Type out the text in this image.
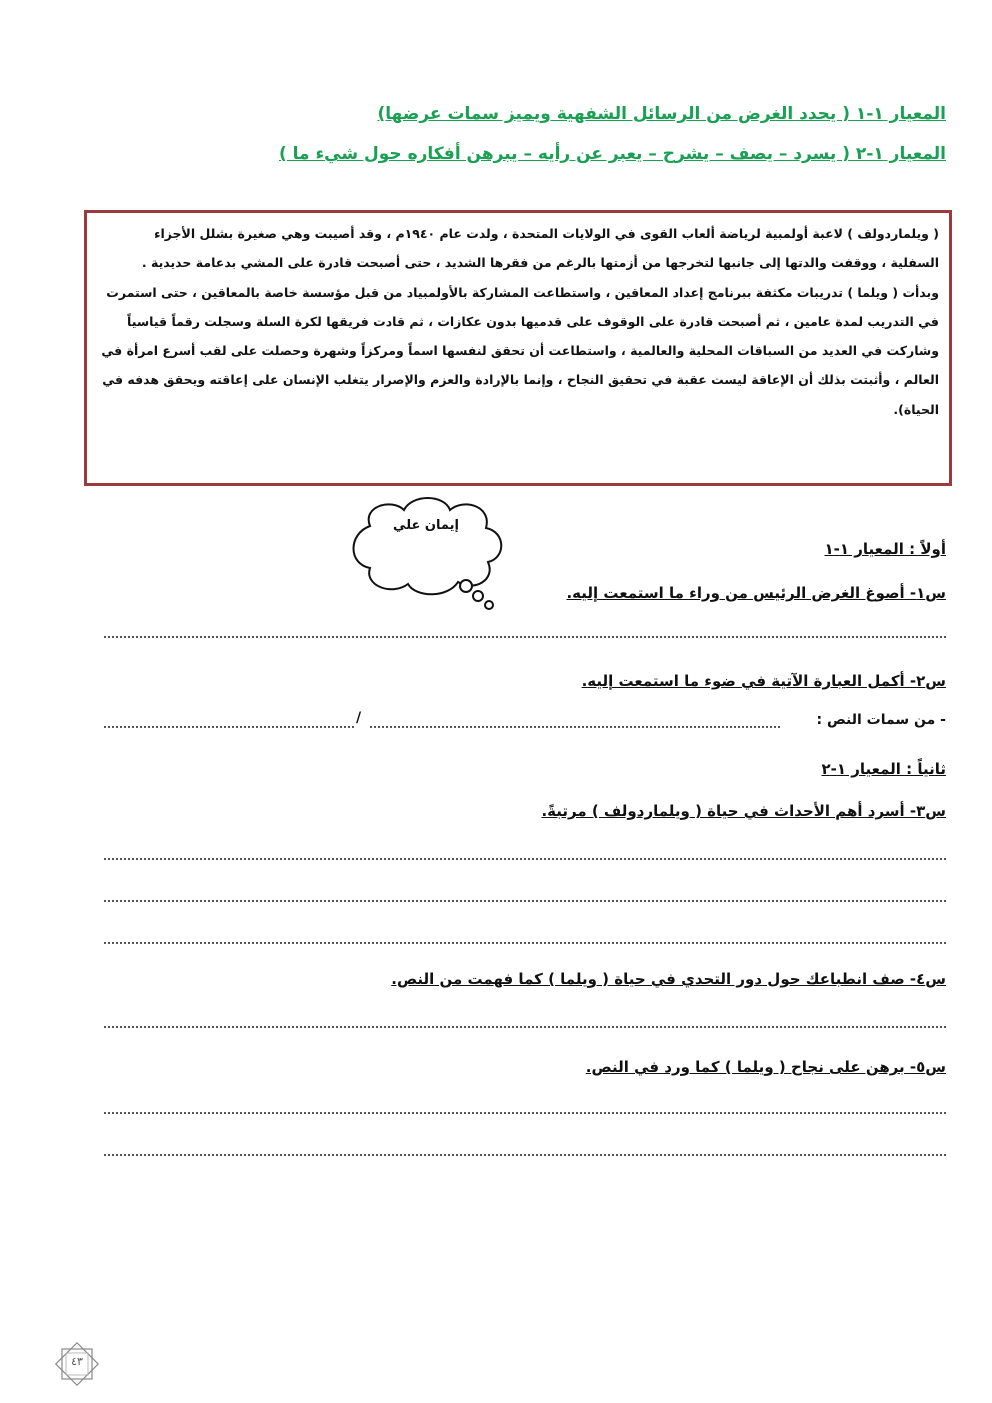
المعيار ١-١ ( يحدد الغرض من الرسائل الشفهية ويميز سمات عرضها)
المعيار ١-٢ ( يسرد – يصف – يشرح – يعبر عن رأيه – يبرهن أفكاره حول شيء ما )
( ويلماردولف ) لاعبة أولمبية لرياضة ألعاب القوى في الولايات المتحدة ، ولدت عام ١٩٤٠م ، وقد أصيبت وهي صغيرة بشلل الأجزاء
السفلية ، ووقفت والدتها إلى جانبها لتخرجها من أزمتها بالرغم من فقرها الشديد ، حتى أصبحت قادرة على المشي بدعامة حديدية .
وبدأت ( ويلما ) تدريبات مكثفة ببرنامج إعداد المعاقين ، واستطاعت المشاركة بالأولمبياد من قبل مؤسسة خاصة بالمعاقين ، حتى استمرت
في التدريب لمدة عامين ، ثم أصبحت قادرة على الوقوف على قدميها بدون عكازات ، ثم قادت فريقها لكرة السلة وسجلت رقماً قياسياً
وشاركت في العديد من السباقات المحلية والعالمية ، واستطاعت أن تحقق لنفسها اسماً ومركزاً وشهرة وحصلت على لقب أسرع امرأة في
العالم ، وأثبتت بذلك أن الإعاقة ليست عقبة في تحقيق النجاح ، وإنما بالإرادة والعزم والإصرار يتغلب الإنسان على إعاقته ويحقق هدفه في
الحياة).
إيمان علي
أولاً : المعيار ١-١
س١- أصوغ الغرض الرئيس من وراء ما استمعت إليه.
س٢- أكمل العبارة الآتية في ضوء ما استمعت إليه.
- من سمات النص :
/
ثانياً : المعيار ١-٢
س٣- أسرد أهم الأحداث في حياة ( ويلماردولف ) مرتبةً.
س٤- صف انطباعك حول دور التحدي في حياة ( ويلما ) كما فهمت من النص.
س٥- برهن على نجاح ( ويلما ) كما ورد في النص.
٤٣
